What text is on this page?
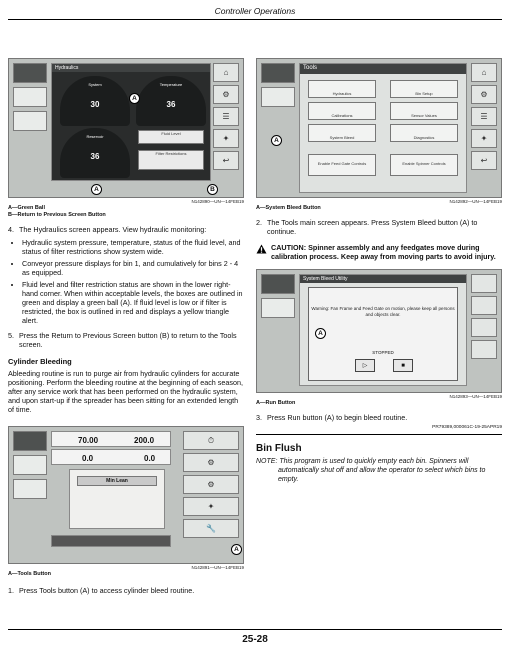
Controller Operations
Hydraulics
System
30
Temperature
36
Reservoir
36
Fluid Level
Filter Restrictions
⌂
⚙
☰
✦
↩
A
A	B
N142890—UN—14FEB19
A—Green Ball
B—Return to Previous Screen Button
4. The Hydraulics screen appears. View hydraulic monitoring:
• Hydraulic system pressure, temperature, status of the fluid level, and status of filter restrictions show system wide.
• Conveyor pressure displays for bin 1, and cumulatively for bins 2 - 4 as equipped.
• Fluid level and filter restriction status are shown in the lower right-hand corner. When within acceptable levels, the boxes are outlined in green and display a green ball (A). If fluid level is low or if filter is restricted, the box is outlined in red and displays a yellow triangle alert.
5. Press the Return to Previous Screen button (B) to return to the Tools screen.
Cylinder Bleeding

Ableeding routine is run to purge air from hydraulic cylinders for accurate positioning. Perform the bleeding routine at the beginning of each season, after any service work that has been performed on the hydraulic system, and upon start-up if the spreader has been sitting for an extended length of time.

70.00	200.0
0.0	0.0
Min Lean
⏱
⚙
⚙
✦
🔧
A
N142891—UN—14FEB19
A—Tools Button
1. Press Tools button (A) to access cylinder bleed routine.
Tools
Hydraulics	Bin Setup
Calibrations	Sensor Values
System Bleed	Diagnostics
Enable Feed Gate Controls	Enable Spinner Controls
⌂
⚙
☰
✦
↩
A
N142892—UN—14FEB19
A—System Bleed Button
2. The Tools main screen appears. Press System Bleed button (A) to continue.
CAUTION: Spinner assembly and any feedgates move during calibration process. Keep away from moving parts to avoid injury.
System Bleed Utility
Warning: Fan Frame and Feed Gate on motion, please keep all persons and objects clear.
STOPPED
▷	■
A
N142893—UN—14FEB19
A—Run Button
3. Press Run button (A) to begin bleed routine.
PR79389,000061C-19-25APR19
Bin Flush

NOTE: This program is used to quickly empty each bin. Spinners will automatically shut off and allow the operator to select which bins to empty.

25-28
